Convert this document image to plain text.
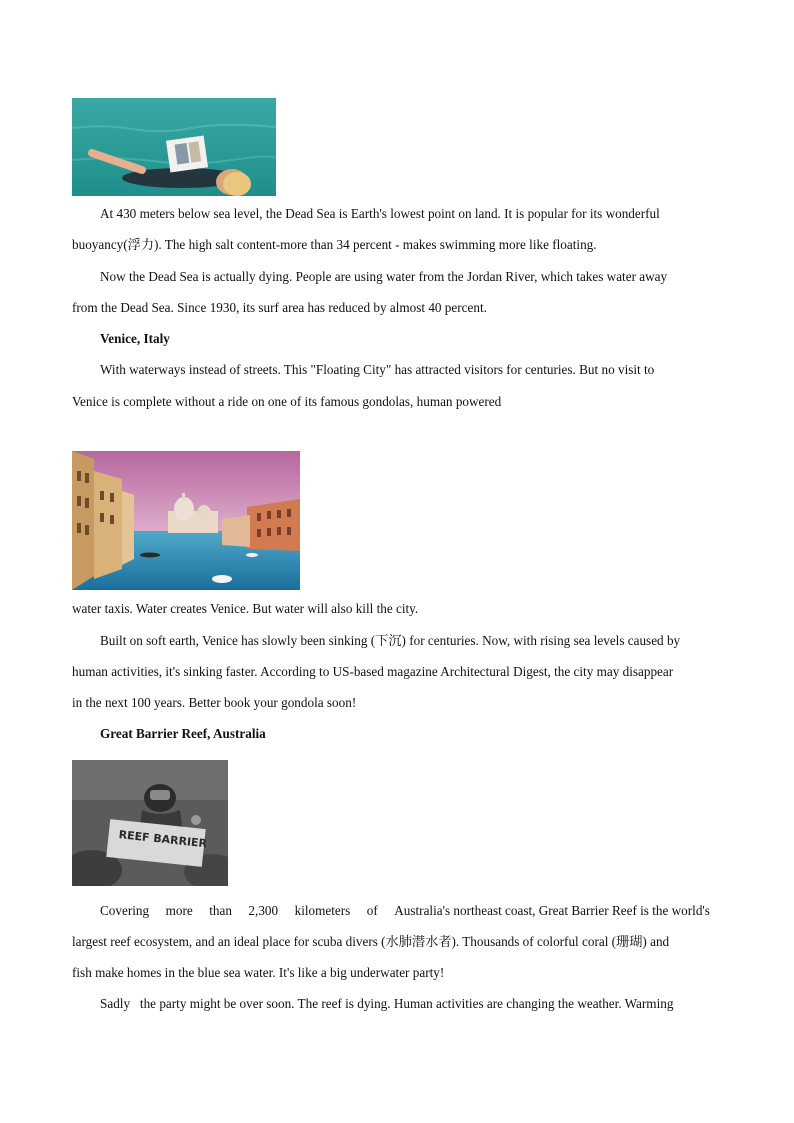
At 430 meters below sea level, the Dead Sea is Earth's lowest point on land. It is popular for its wonderful
buoyancy(浮力). The high salt content-more than 34 percent - makes swimming more like floating.
Now the Dead Sea is actually dying. People are using water from the Jordan River, which takes water away
from the Dead Sea. Since 1930, its surf area has reduced by almost 40 percent.
Venice, Italy
With waterways instead of streets. This "Floating City" has attracted visitors for centuries. But no visit to
Venice is complete without a ride on one of its famous gondolas, human powered
water taxis. Water creates Venice. But water will also kill the city.
Built on soft earth, Venice has slowly been sinking (下沉) for centuries. Now, with rising sea levels caused by
human activities, it's sinking faster. According to US-based magazine Architectural Digest, the city may disappear
in the next 100 years. Better book your gondola soon!
Great Barrier Reef, Australia
REEF BARRIER
Covering more than 2,300 kilometers of Australia's northeast coast, Great Barrier Reef is the world's
largest reef ecosystem, and an ideal place for scuba divers (水肺潜水者). Thousands of colorful coral (珊瑚) and
fish make homes in the blue sea water. It's like a big underwater party!
Sadly   the party might be over soon. The reef is dying. Human activities are changing the weather. Warming
